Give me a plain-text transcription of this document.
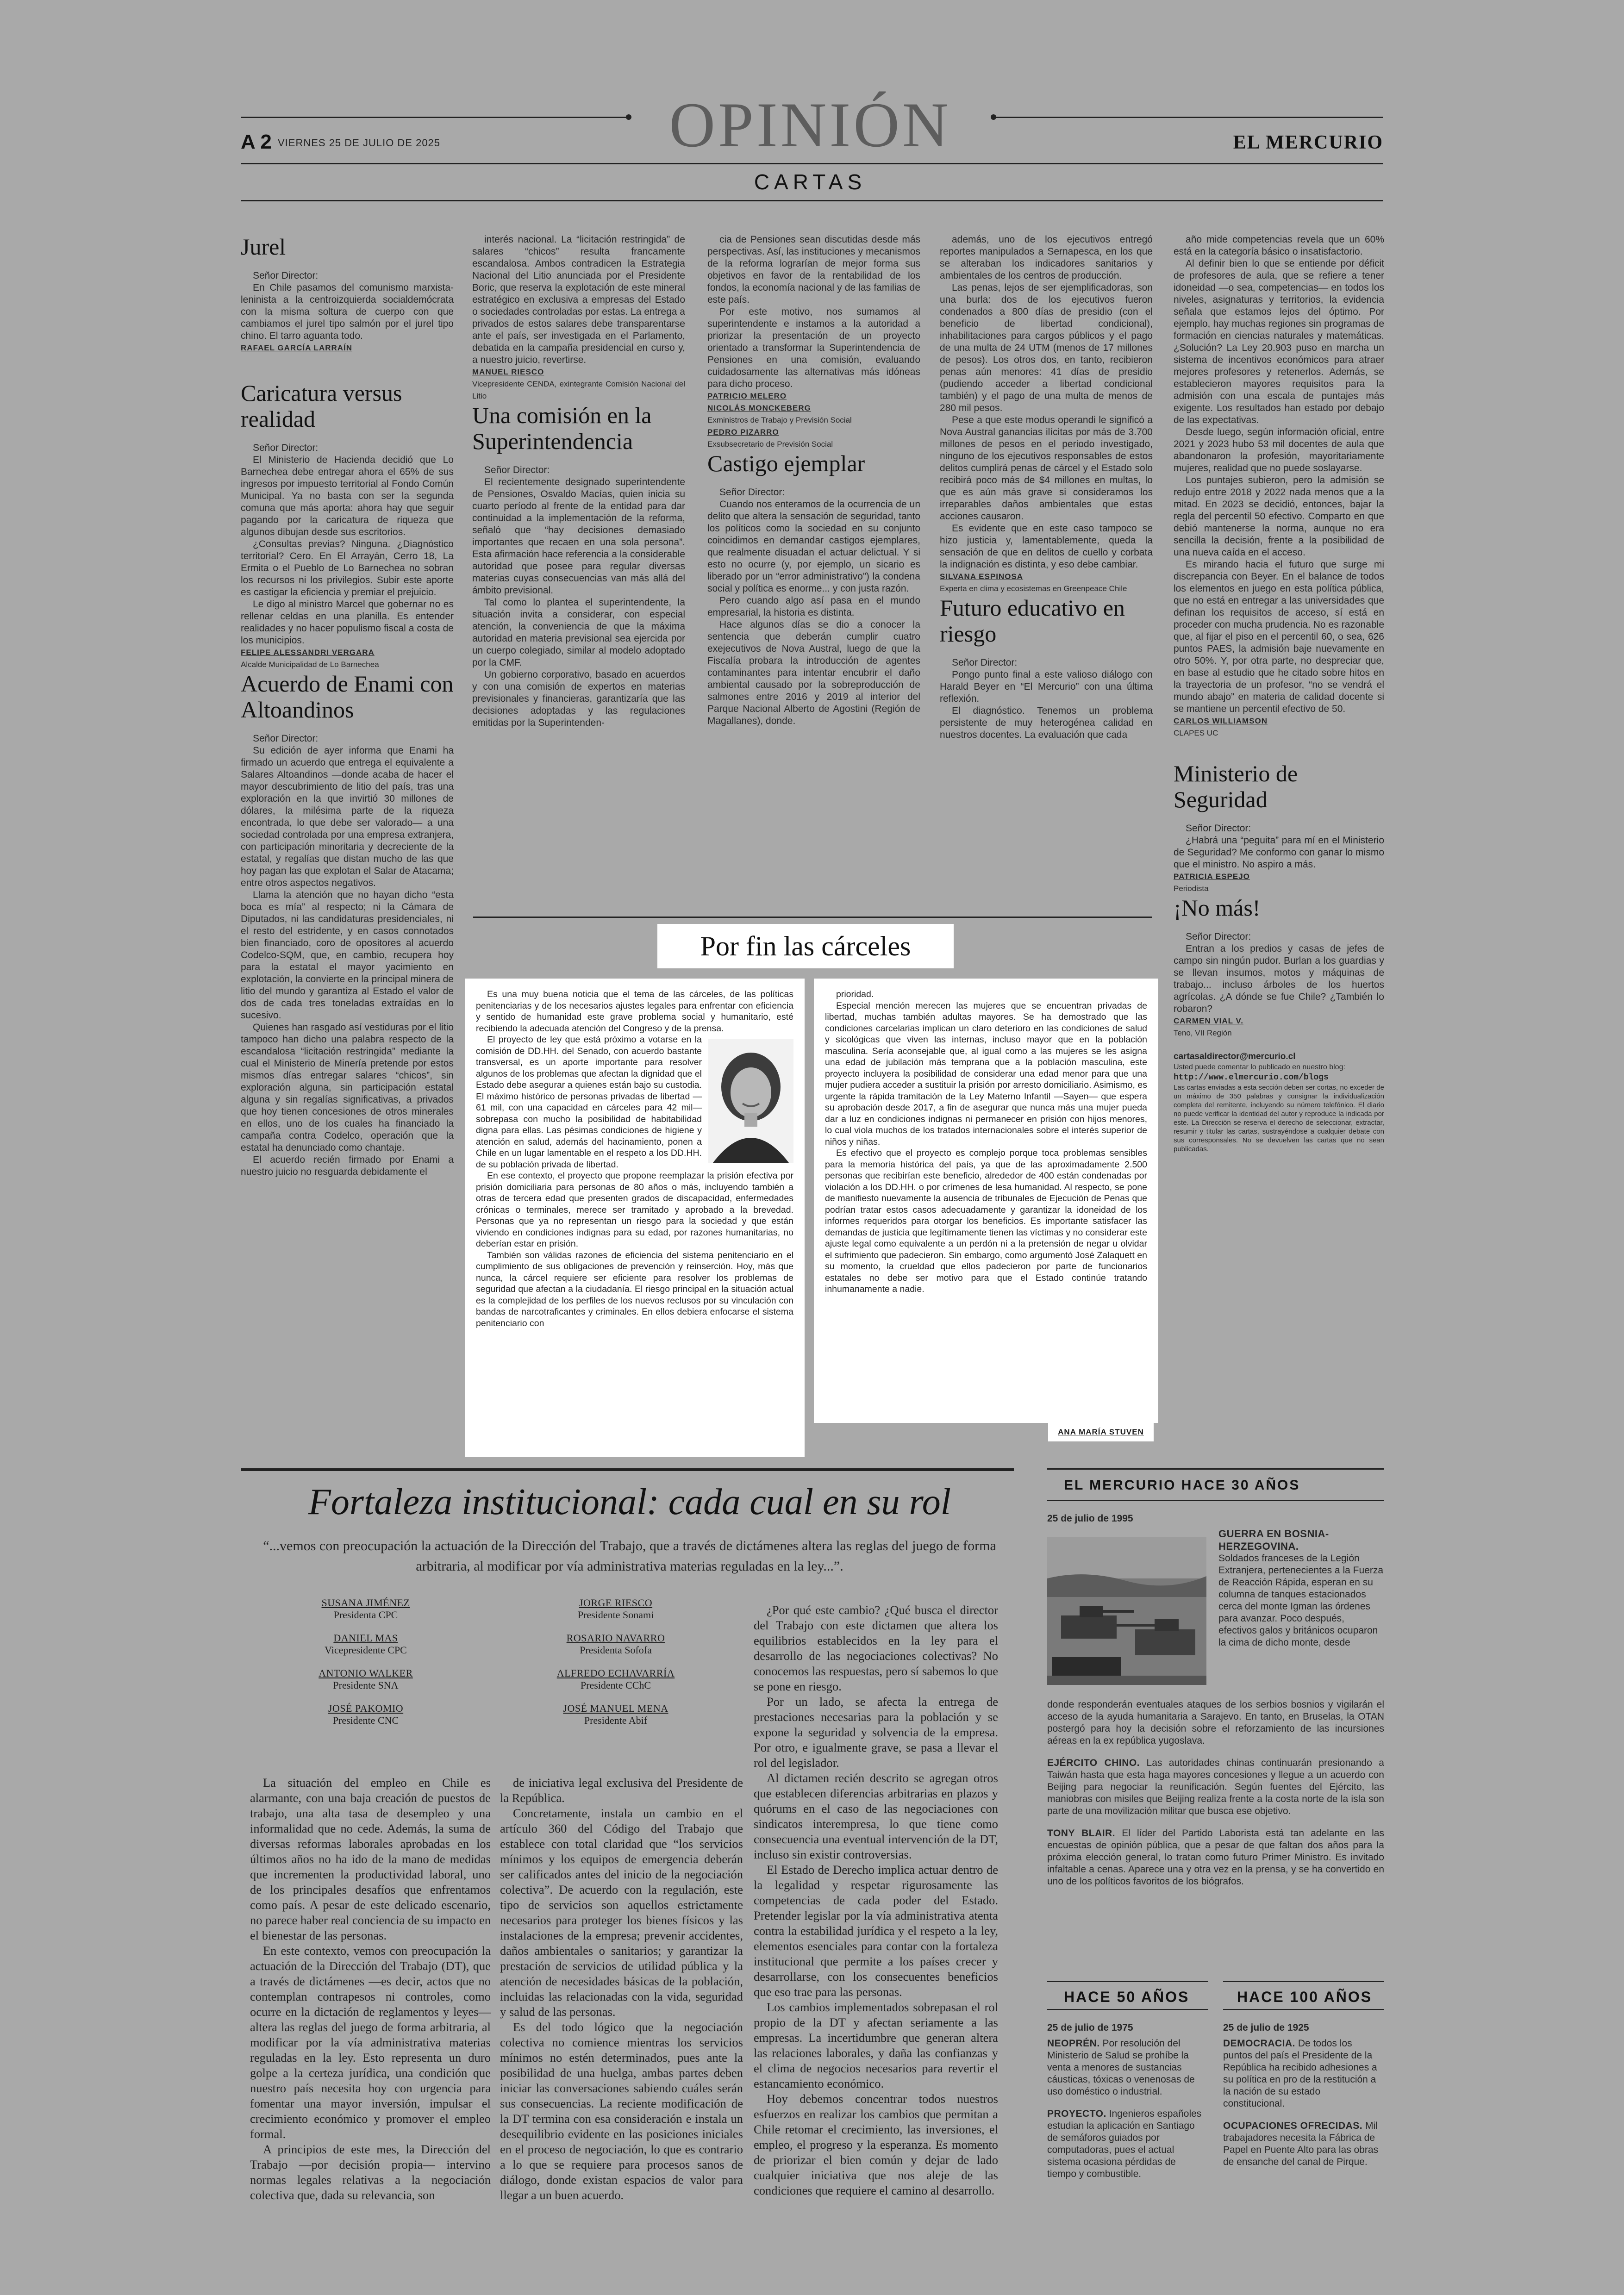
OPINIÓN
A 2 VIERNES 25 DE JULIO DE 2025	EL MERCURIO
CARTAS
Jurel

Señor Director:

En Chile pasamos del comunismo marxista-leninista a la centroizquierda socialdemócrata con la misma soltura de cuerpo con que cambiamos el jurel tipo salmón por el jurel tipo chino. El tarro aguanta todo.

RAFAEL GARCÍA LARRAÍN

Caricatura versus realidad

Señor Director:

El Ministerio de Hacienda decidió que Lo Barnechea debe entregar ahora el 65% de sus ingresos por impuesto territorial al Fondo Común Municipal. Ya no basta con ser la segunda comuna que más aporta: ahora hay que seguir pagando por la caricatura de riqueza que algunos dibujan desde sus escritorios.

¿Consultas previas? Ninguna. ¿Diagnóstico territorial? Cero. En El Arrayán, Cerro 18, La Ermita o el Pueblo de Lo Barnechea no sobran los recursos ni los privilegios. Subir este aporte es castigar la eficiencia y premiar el prejuicio.

Le digo al ministro Marcel que gobernar no es rellenar celdas en una planilla. Es entender realidades y no hacer populismo fiscal a costa de los municipios.

FELIPE ALESSANDRI VERGARA

Alcalde Municipalidad de Lo Barnechea

Acuerdo de Enami con Altoandinos

Señor Director:

Su edición de ayer informa que Enami ha firmado un acuerdo que entrega el equivalente a Salares Altoandinos —donde acaba de hacer el mayor descubrimiento de litio del país, tras una exploración en la que invirtió 30 millones de dólares, la milésima parte de la riqueza encontrada, lo que debe ser valorado— a una sociedad controlada por una empresa extranjera, con participación minoritaria y decreciente de la estatal, y regalías que distan mucho de las que hoy pagan las que explotan el Salar de Atacama; entre otros aspectos negativos.

Llama la atención que no hayan dicho “esta boca es mía” al respecto; ni la Cámara de Diputados, ni las candidaturas presidenciales, ni el resto del estridente, y en casos connotados bien financiado, coro de opositores al acuerdo Codelco-SQM, que, en cambio, recupera hoy para la estatal el mayor yacimiento en explotación, la convierte en la principal minera de litio del mundo y garantiza al Estado el valor de dos de cada tres toneladas extraídas en lo sucesivo.

Quienes han rasgado así vestiduras por el litio tampoco han dicho una palabra respecto de la escandalosa “licitación restringida” mediante la cual el Ministerio de Minería pretende por estos mismos días entregar salares “chicos”, sin exploración alguna, sin participación estatal alguna y sin regalías significativas, a privados que hoy tienen concesiones de otros minerales en ellos, uno de los cuales ha financiado la campaña contra Codelco, operación que la estatal ha denunciado como chantaje.

El acuerdo recién firmado por Enami a nuestro juicio no resguarda debidamente el

interés nacional. La “licitación restringida” de salares “chicos” resulta francamente escandalosa. Ambos contradicen la Estrategia Nacional del Litio anunciada por el Presidente Boric, que reserva la explotación de este mineral estratégico en exclusiva a empresas del Estado o sociedades controladas por estas. La entrega a privados de estos salares debe transparentarse ante el país, ser investigada en el Parlamento, debatida en la campaña presidencial en curso y, a nuestro juicio, revertirse.

MANUEL RIESCO

Vicepresidente CENDA, exintegrante Comisión Nacional del Litio

Una comisión en la Superintendencia

Señor Director:

El recientemente designado superintendente de Pensiones, Osvaldo Macías, quien inicia su cuarto período al frente de la entidad para dar continuidad a la implementación de la reforma, señaló que “hay decisiones demasiado importantes que recaen en una sola persona”. Esta afirmación hace referencia a la considerable autoridad que posee para regular diversas materias cuyas consecuencias van más allá del ámbito previsional.

Tal como lo plantea el superintendente, la situación invita a considerar, con especial atención, la conveniencia de que la máxima autoridad en materia previsional sea ejercida por un cuerpo colegiado, similar al modelo adoptado por la CMF.

Un gobierno corporativo, basado en acuerdos y con una comisión de expertos en materias previsionales y financieras, garantizaría que las decisiones adoptadas y las regulaciones emitidas por la Superintenden-

cia de Pensiones sean discutidas desde más perspectivas. Así, las instituciones y mecanismos de la reforma lograrían de mejor forma sus objetivos en favor de la rentabilidad de los fondos, la economía nacional y de las familias de este país.

Por este motivo, nos sumamos al superintendente e instamos a la autoridad a priorizar la presentación de un proyecto orientado a transformar la Superintendencia de Pensiones en una comisión, evaluando cuidadosamente las alternativas más idóneas para dicho proceso.

PATRICIO MELERO

NICOLÁS MONCKEBERG

Exministros de Trabajo y Previsión Social

PEDRO PIZARRO

Exsubsecretario de Previsión Social

Castigo ejemplar

Señor Director:

Cuando nos enteramos de la ocurrencia de un delito que altera la sensación de seguridad, tanto los políticos como la sociedad en su conjunto coincidimos en demandar castigos ejemplares, que realmente disuadan el actuar delictual. Y si esto no ocurre (y, por ejemplo, un sicario es liberado por un “error administrativo”) la condena social y política es enorme... y con justa razón.

Pero cuando algo así pasa en el mundo empresarial, la historia es distinta.

Hace algunos días se dio a conocer la sentencia que deberán cumplir cuatro exejecutivos de Nova Austral, luego de que la Fiscalía probara la introducción de agentes contaminantes para intentar encubrir el daño ambiental causado por la sobreproducción de salmones entre 2016 y 2019 al interior del Parque Nacional Alberto de Agostini (Región de Magallanes), donde.

además, uno de los ejecutivos entregó reportes manipulados a Sernapesca, en los que se alteraban los indicadores sanitarios y ambientales de los centros de producción.

Las penas, lejos de ser ejemplificadoras, son una burla: dos de los ejecutivos fueron condenados a 800 días de presidio (con el beneficio de libertad condicional), inhabilitaciones para cargos públicos y el pago de una multa de 24 UTM (menos de 17 millones de pesos). Los otros dos, en tanto, recibieron penas aún menores: 41 días de presidio (pudiendo acceder a libertad condicional también) y el pago de una multa de menos de 280 mil pesos.

Pese a que este modus operandi le significó a Nova Austral ganancias ilícitas por más de 3.700 millones de pesos en el periodo investigado, ninguno de los ejecutivos responsables de estos delitos cumplirá penas de cárcel y el Estado solo recibirá poco más de $4 millones en multas, lo que es aún más grave si consideramos los irreparables daños ambientales que estas acciones causaron.

Es evidente que en este caso tampoco se hizo justicia y, lamentablemente, queda la sensación de que en delitos de cuello y corbata la indignación es distinta, y eso debe cambiar.

SILVANA ESPINOSA

Experta en clima y ecosistemas en Greenpeace Chile

Futuro educativo en riesgo

Señor Director:

Pongo punto final a este valioso diálogo con Harald Beyer en “El Mercurio” con una última reflexión.

El diagnóstico. Tenemos un problema persistente de muy heterogénea calidad en nuestros docentes. La evaluación que cada

año mide competencias revela que un 60% está en la categoría básico o insatisfactorio.

Al definir bien lo que se entiende por déficit de profesores de aula, que se refiere a tener idoneidad —o sea, competencias— en todos los niveles, asignaturas y territorios, la evidencia señala que estamos lejos del óptimo. Por ejemplo, hay muchas regiones sin programas de formación en ciencias naturales y matemáticas. ¿Solución? La Ley 20.903 puso en marcha un sistema de incentivos económicos para atraer mejores profesores y retenerlos. Además, se establecieron mayores requisitos para la admisión con una escala de puntajes más exigente. Los resultados han estado por debajo de las expectativas.

Desde luego, según información oficial, entre 2021 y 2023 hubo 53 mil docentes de aula que abandonaron la profesión, mayoritariamente mujeres, realidad que no puede soslayarse.

Los puntajes subieron, pero la admisión se redujo entre 2018 y 2022 nada menos que a la mitad. En 2023 se decidió, entonces, bajar la regla del percentil 50 efectivo. Comparto en que debió mantenerse la norma, aunque no era sencilla la decisión, frente a la posibilidad de una nueva caída en el acceso.

Es mirando hacia el futuro que surge mi discrepancia con Beyer. En el balance de todos los elementos en juego en esta política pública, que no está en entregar a las universidades que definan los requisitos de acceso, sí está en proceder con mucha prudencia. No es razonable que, al fijar el piso en el percentil 60, o sea, 626 puntos PAES, la admisión baje nuevamente en otro 50%. Y, por otra parte, no despreciar que, en base al estudio que he citado sobre hitos en la trayectoria de un profesor, “no se vendrá el mundo abajo” en materia de calidad docente si se mantiene un percentil efectivo de 50.

CARLOS WILLIAMSON

CLAPES UC

Ministerio de Seguridad

Señor Director:

¿Habrá una “peguita” para mí en el Ministerio de Seguridad? Me conformo con ganar lo mismo que el ministro. No aspiro a más.

PATRICIA ESPEJO

Periodista

¡No más!

Señor Director:

Entran a los predios y casas de jefes de campo sin ningún pudor. Burlan a los guardias y se llevan insumos, motos y máquinas de trabajo... incluso árboles de los huertos agrícolas. ¿A dónde se fue Chile? ¿También lo robaron?

CARMEN VIAL V.

Teno, VII Región

cartasaldirector@mercurio.cl
Usted puede comentar lo publicado en nuestro blog:
http://www.elmercurio.com/blogs
Las cartas enviadas a esta sección deben ser cortas, no exceder de un máximo de 350 palabras y consignar la individualización completa del remitente, incluyendo su número telefónico. El diario no puede verificar la identidad del autor y reproduce la indicada por este. La Dirección se reserva el derecho de seleccionar, extractar, resumir y titular las cartas, sustrayéndose a cualquier debate con sus corresponsales. No se devuelven las cartas que no sean publicadas.
Por fin las cárceles

Es una muy buena noticia que el tema de las cárceles, de las políticas penitenciarias y de los necesarios ajustes legales para enfrentar con eficiencia y sentido de humanidad este grave problema social y humanitario, esté recibiendo la adecuada atención del Congreso y de la prensa.

El proyecto de ley que está próximo a votarse en la comisión de DD.HH. del Senado, con acuerdo bastante transversal, es un aporte importante para resolver algunos de los problemas que afectan la dignidad que el Estado debe asegurar a quienes están bajo su custodia. El máximo histórico de personas privadas de libertad —61 mil, con una capacidad en cárceles para 42 mil— sobrepasa con mucho la posibilidad de habitabilidad digna para ellas. Las pésimas condiciones de higiene y atención en salud, además del hacinamiento, ponen a Chile en un lugar lamentable en el respeto a los DD.HH. de su población privada de libertad.

En ese contexto, el proyecto que propone reemplazar la prisión efectiva por prisión domiciliaria para personas de 80 años o más, incluyendo también a otras de tercera edad que presenten grados de discapacidad, enfermedades crónicas o terminales, merece ser tramitado y aprobado a la brevedad. Personas que ya no representan un riesgo para la sociedad y que están viviendo en condiciones indignas para su edad, por razones humanitarias, no deberían estar en prisión.

También son válidas razones de eficiencia del sistema penitenciario en el cumplimiento de sus obligaciones de prevención y reinserción. Hoy, más que nunca, la cárcel requiere ser eficiente para resolver los problemas de seguridad que afectan a la ciudadanía. El riesgo principal en la situación actual es la complejidad de los perfiles de los nuevos reclusos por su vinculación con bandas de narcotraficantes y criminales. En ellos debiera enfocarse el sistema penitenciario con

prioridad.

Especial mención merecen las mujeres que se encuentran privadas de libertad, muchas también adultas mayores. Se ha demostrado que las condiciones carcelarias implican un claro deterioro en las condiciones de salud y sicológicas que viven las internas, incluso mayor que en la población masculina. Sería aconsejable que, al igual como a las mujeres se les asigna una edad de jubilación más temprana que a la población masculina, este proyecto incluyera la posibilidad de considerar una edad menor para que una mujer pudiera acceder a sustituir la prisión por arresto domiciliario. Asimismo, es urgente la rápida tramitación de la Ley Materno Infantil —Sayen— que espera su aprobación desde 2017, a fin de asegurar que nunca más una mujer pueda dar a luz en condiciones indignas ni permanecer en prisión con hijos menores, lo cual viola muchos de los tratados internacionales sobre el interés superior de niños y niñas.

Es efectivo que el proyecto es complejo porque toca problemas sensibles para la memoria histórica del país, ya que de las aproximadamente 2.500 personas que recibirían este beneficio, alrededor de 400 están condenadas por violación a los DD.HH. o por crímenes de lesa humanidad. Al respecto, se pone de manifiesto nuevamente la ausencia de tribunales de Ejecución de Penas que podrían tratar estos casos adecuadamente y garantizar la idoneidad de los informes requeridos para otorgar los beneficios. Es importante satisfacer las demandas de justicia que legítimamente tienen las víctimas y no considerar este ajuste legal como equivalente a un perdón ni a la pretensión de negar u olvidar el sufrimiento que padecieron. Sin embargo, como argumentó José Zalaquett en su momento, la crueldad que ellos padecieron por parte de funcionarios estatales no debe ser motivo para que el Estado continúe tratando inhumanamente a nadie.

ANA MARÍA STUVEN
Fortaleza institucional: cada cual en su rol
“...vemos con preocupación la actuación de la Dirección del Trabajo, que a través de dictámenes altera las reglas del juego de forma arbitraria, al modificar por vía administrativa materias reguladas en la ley...”.
SUSANA JIMÉNEZ
Presidenta CPC
DANIEL MAS
Vicepresidente CPC
ANTONIO WALKER
Presidente SNA
JOSÉ PAKOMIO
Presidente CNC
JORGE RIESCO
Presidente Sonami
ROSARIO NAVARRO
Presidenta Sofofa
ALFREDO ECHAVARRÍA
Presidente CChC
JOSÉ MANUEL MENA
Presidente Abif

La situación del empleo en Chile es alarmante, con una baja creación de puestos de trabajo, una alta tasa de desempleo y una informalidad que no cede. Además, la suma de diversas reformas laborales aprobadas en los últimos años no ha ido de la mano de medidas que incrementen la productividad laboral, uno de los principales desafíos que enfrentamos como país. A pesar de este delicado escenario, no parece haber real conciencia de su impacto en el bienestar de las personas.

En este contexto, vemos con preocupación la actuación de la Dirección del Trabajo (DT), que a través de dictámenes —es decir, actos que no contemplan contrapesos ni controles, como ocurre en la dictación de reglamentos y leyes— altera las reglas del juego de forma arbitraria, al modificar por la vía administrativa materias reguladas en la ley. Esto representa un duro golpe a la certeza jurídica, una condición que nuestro país necesita hoy con urgencia para fomentar una mayor inversión, impulsar el crecimiento económico y promover el empleo formal.

A principios de este mes, la Dirección del Trabajo —por decisión propia— intervino normas legales relativas a la negociación colectiva que, dada su relevancia, son

de iniciativa legal exclusiva del Presidente de la República.

Concretamente, instala un cambio en el artículo 360 del Código del Trabajo que establece con total claridad que “los servicios mínimos y los equipos de emergencia deberán ser calificados antes del inicio de la negociación colectiva”. De acuerdo con la regulación, este tipo de servicios son aquellos estrictamente necesarios para proteger los bienes físicos y las instalaciones de la empresa; prevenir accidentes, daños ambientales o sanitarios; y garantizar la prestación de servicios de utilidad pública y la atención de necesidades básicas de la población, incluidas las relacionadas con la vida, seguridad y salud de las personas.

Es del todo lógico que la negociación colectiva no comience mientras los servicios mínimos no estén determinados, pues ante la posibilidad de una huelga, ambas partes deben iniciar las conversaciones sabiendo cuáles serán sus consecuencias. La reciente modificación de la DT termina con esa consideración e instala un desequilibrio evidente en las posiciones iniciales en el proceso de negociación, lo que es contrario a lo que se requiere para procesos sanos de diálogo, donde existan espacios de valor para llegar a un buen acuerdo.

¿Por qué este cambio? ¿Qué busca el director del Trabajo con este dictamen que altera los equilibrios establecidos en la ley para el desarrollo de las negociaciones colectivas? No conocemos las respuestas, pero sí sabemos lo que se pone en riesgo.

Por un lado, se afecta la entrega de prestaciones necesarias para la población y se expone la seguridad y solvencia de la empresa. Por otro, e igualmente grave, se pasa a llevar el rol del legislador.

Al dictamen recién descrito se agregan otros que establecen diferencias arbitrarias en plazos y quórums en el caso de las negociaciones con sindicatos interempresa, lo que tiene como consecuencia una eventual intervención de la DT, incluso sin existir controversias.

El Estado de Derecho implica actuar dentro de la legalidad y respetar rigurosamente las competencias de cada poder del Estado. Pretender legislar por la vía administrativa atenta contra la estabilidad jurídica y el respeto a la ley, elementos esenciales para contar con la fortaleza institucional que permite a los países crecer y desarrollarse, con los consecuentes beneficios que eso trae para las personas.

Los cambios implementados sobrepasan el rol propio de la DT y afectan seriamente a las empresas. La incertidumbre que generan altera las relaciones laborales, y daña las confianzas y el clima de negocios necesarios para revertir el estancamiento económico.

Hoy debemos concentrar todos nuestros esfuerzos en realizar los cambios que permitan a Chile retomar el crecimiento, las inversiones, el empleo, el progreso y la esperanza. Es momento de priorizar el bien común y dejar de lado cualquier iniciativa que nos aleje de las condiciones que requiere el camino al desarrollo.

EL MERCURIO HACE 30 AÑOS
25 de julio de 1995
GUERRA EN BOSNIA-HERZEGOVINA.
Soldados franceses de la Legión Extranjera, pertenecientes a la Fuerza de Reacción Rápida, esperan en su columna de tanques estacionados cerca del monte Igman las órdenes para avanzar. Poco después, efectivos galos y británicos ocuparon la cima de dicho monte, desde
donde responderán eventuales ataques de los serbios bosnios y vigilarán el acceso de la ayuda humanitaria a Sarajevo. En tanto, en Bruselas, la OTAN postergó para hoy la decisión sobre el reforzamiento de las incursiones aéreas en la ex república yugoslava.
EJÉRCITO CHINO. Las autoridades chinas continuarán presionando a Taiwán hasta que esta haga mayores concesiones y llegue a un acuerdo con Beijing para negociar la reunificación. Según fuentes del Ejército, las maniobras con misiles que Beijing realiza frente a la costa norte de la isla son parte de una movilización militar que busca ese objetivo.
TONY BLAIR. El líder del Partido Laborista está tan adelante en las encuestas de opinión pública, que a pesar de que faltan dos años para la próxima elección general, lo tratan como futuro Primer Ministro. Es invitado infaltable a cenas. Aparece una y otra vez en la prensa, y se ha convertido en uno de los políticos favoritos de los biógrafos.
HACE 50 AÑOS
25 de julio de 1975
NEOPRÉN. Por resolución del Ministerio de Salud se prohíbe la venta a menores de sustancias cáusticas, tóxicas o venenosas de uso doméstico o industrial.
PROYECTO. Ingenieros españoles estudian la aplicación en Santiago de semáforos guiados por computadoras, pues el actual sistema ocasiona pérdidas de tiempo y combustible.
HACE 100 AÑOS
25 de julio de 1925
DEMOCRACIA. De todos los puntos del país el Presidente de la República ha recibido adhesiones a su política en pro de la restitución a la nación de su estado constitucional.
OCUPACIONES OFRECIDAS. Mil trabajadores necesita la Fábrica de Papel en Puente Alto para las obras de ensanche del canal de Pirque.
